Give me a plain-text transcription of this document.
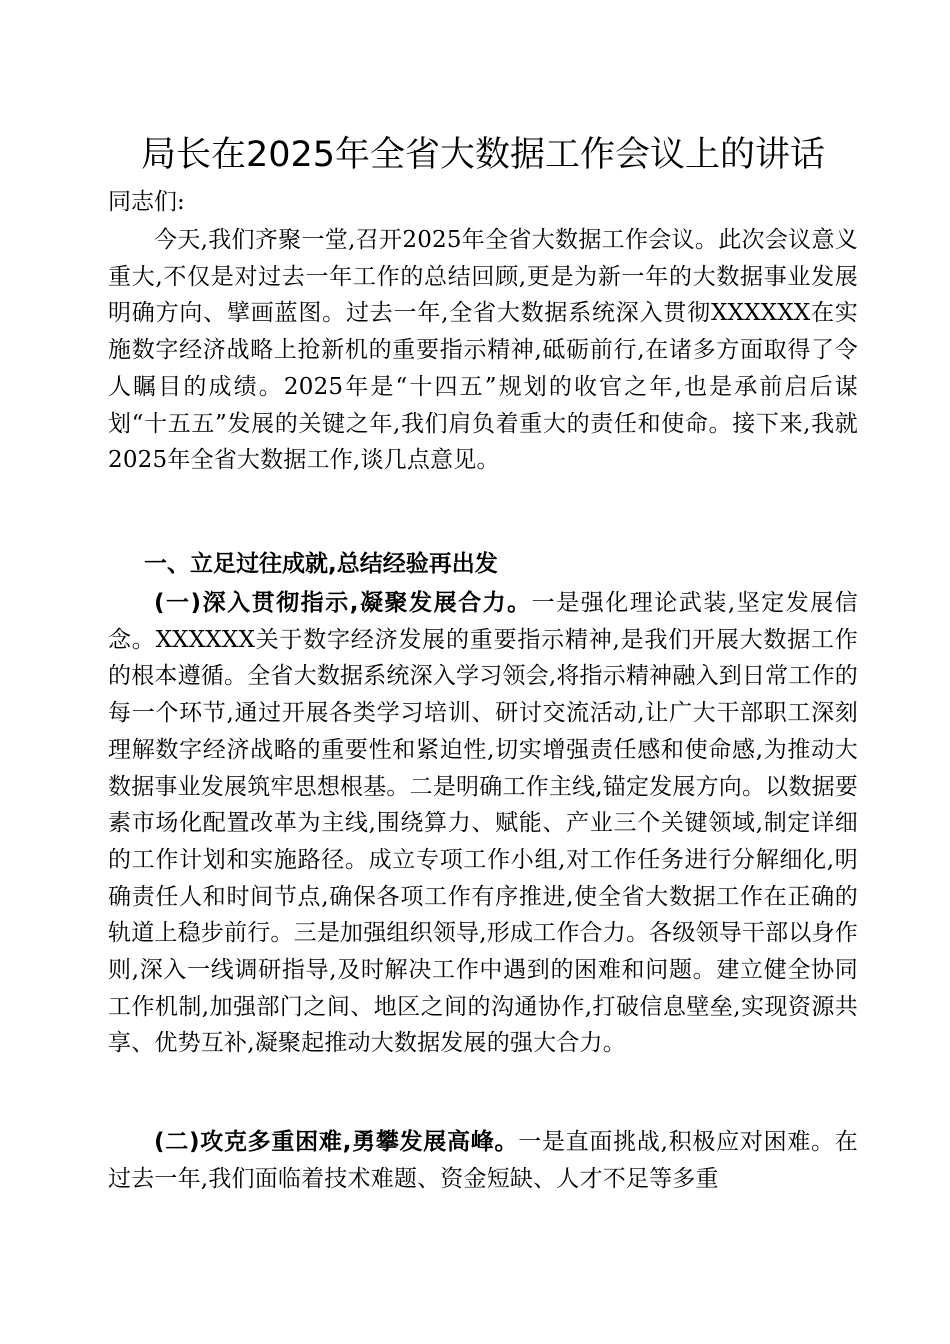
局长在2025年全省大数据工作会议上的讲话

同志们:

今天,我们齐聚一堂,召开2025年全省大数据工作会议。此次会议意义重大,不仅是对过去一年工作的总结回顾,更是为新一年的大数据事业发展明确方向、擘画蓝图。过去一年,全省大数据系统深入贯彻XXXXXX在实施数字经济战略上抢新机的重要指示精神,砥砺前行,在诸多方面取得了令人瞩目的成绩。2025年是“十四五”规划的收官之年,也是承前启后谋划“十五五”发展的关键之年,我们肩负着重大的责任和使命。接下来,我就2025年全省大数据工作,谈几点意见。

一、立足过往成就,总结经验再出发

(一)深入贯彻指示,凝聚发展合力。一是强化理论武装,坚定发展信念。XXXXXX关于数字经济发展的重要指示精神,是我们开展大数据工作的根本遵循。全省大数据系统深入学习领会,将指示精神融入到日常工作的每一个环节,通过开展各类学习培训、研讨交流活动,让广大干部职工深刻理解数字经济战略的重要性和紧迫性,切实增强责任感和使命感,为推动大数据事业发展筑牢思想根基。二是明确工作主线,锚定发展方向。以数据要素市场化配置改革为主线,围绕算力、赋能、产业三个关键领域,制定详细的工作计划和实施路径。成立专项工作小组,对工作任务进行分解细化,明确责任人和时间节点,确保各项工作有序推进,使全省大数据工作在正确的轨道上稳步前行。三是加强组织领导,形成工作合力。各级领导干部以身作则,深入一线调研指导,及时解决工作中遇到的困难和问题。建立健全协同工作机制,加强部门之间、地区之间的沟通协作,打破信息壁垒,实现资源共享、优势互补,凝聚起推动大数据发展的强大合力。

(二)攻克多重困难,勇攀发展高峰。一是直面挑战,积极应对困难。在过去一年,我们面临着技术难题、资金短缺、人才不足等多重
